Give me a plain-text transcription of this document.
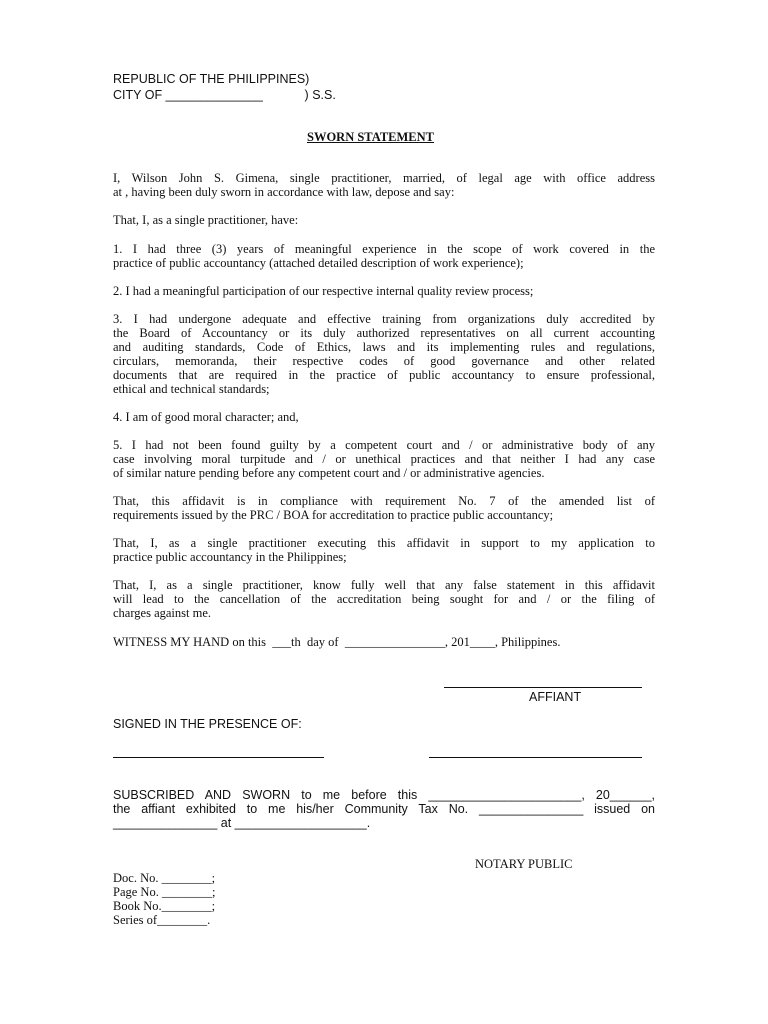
REPUBLIC OF THE PHILIPPINES)
CITY OF ______________            ) S.S.
SWORN STATEMENT
I, Wilson John S. Gimena, single practitioner, married, of legal age with office address
at , having been duly sworn in accordance with law, depose and say:
That, I, as a single practitioner, have:
1. I had three (3) years of meaningful experience in the scope of work covered in the
practice of public accountancy (attached detailed description of work experience);
2. I had a meaningful participation of our respective internal quality review process;
3. I had undergone adequate and effective training from organizations duly accredited by
the Board of Accountancy or its duly authorized representatives on all current accounting
and auditing standards, Code of Ethics, laws and its implementing rules and regulations,
circulars, memoranda, their respective codes of good governance and other related
documents that are required in the practice of public accountancy to ensure professional,
ethical and technical standards;
4. I am of good moral character; and,
5. I had not been found guilty by a competent court and / or administrative body of any
case involving moral turpitude and / or unethical practices and that neither I had any case
of similar nature pending before any competent court and / or administrative agencies.
That, this affidavit is in compliance with requirement No. 7 of the amended list of
requirements issued by the PRC / BOA for accreditation to practice public accountancy;
That, I, as a single practitioner executing this affidavit in support to my application to
practice public accountancy in the Philippines;
That, I, as a single practitioner, know fully well that any false statement in this affidavit
will lead to the cancellation of the accreditation being sought for and / or the filing of
charges against me.
WITNESS MY HAND on this  ___th  day of  ________________, 201____, Philippines.
AFFIANT
SIGNED IN THE PRESENCE OF:
SUBSCRIBED AND SWORN to me before this ______________________, 20______,
the affiant exhibited to me his/her Community Tax No. _______________ issued on
_______________ at ___________________.
NOTARY PUBLIC
Doc. No. ________;
Page No. ________;
Book No.________;
Series of________.
